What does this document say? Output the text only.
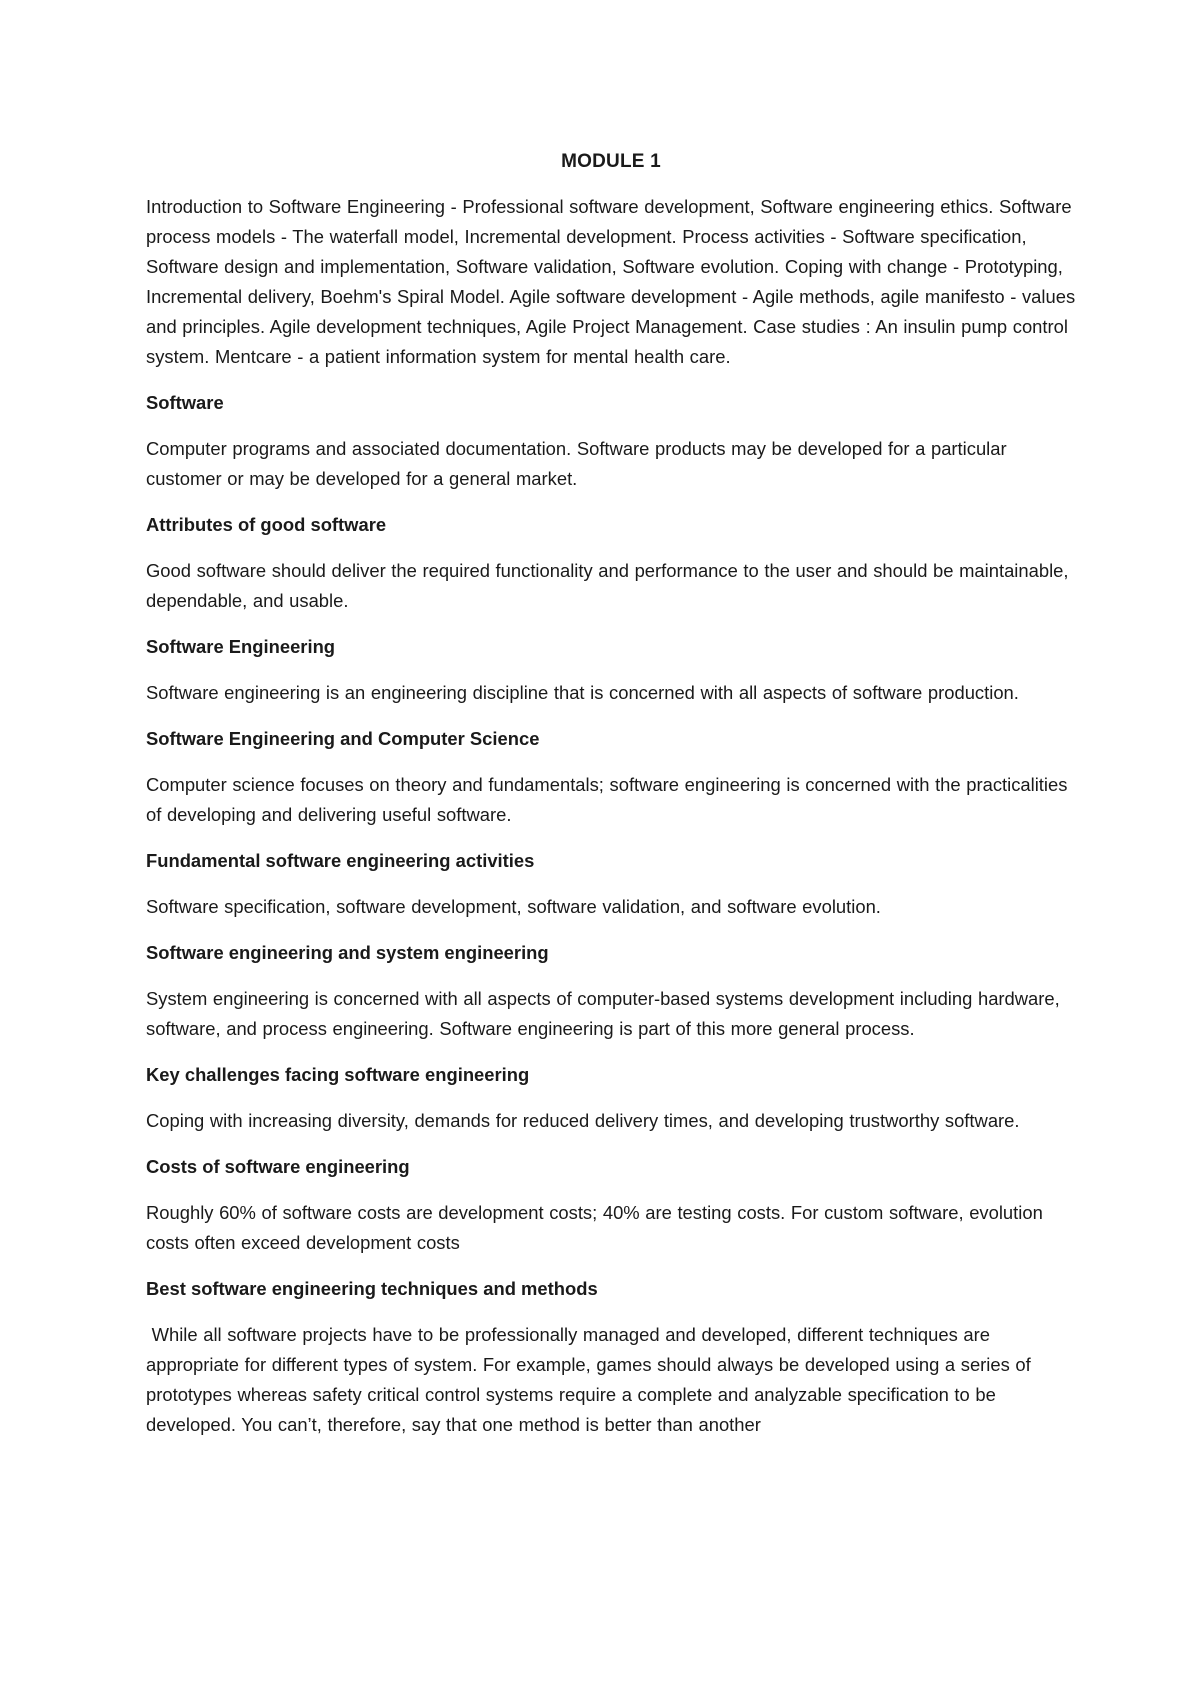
MODULE 1

Introduction to Software Engineering - Professional software development, Software engineering ethics. Software process models - The waterfall model, Incremental development. Process activities - Software specification, Software design and implementation, Software validation, Software evolution. Coping with change - Prototyping, Incremental delivery, Boehm's Spiral Model. Agile software development - Agile methods, agile manifesto - values and principles. Agile development techniques, Agile Project Management. Case studies : An insulin pump control system. Mentcare - a patient information system for mental health care.

Software

Computer programs and associated documentation. Software products may be developed for a particular customer or may be developed for a general market.

Attributes of good software

Good software should deliver the required functionality and performance to the user and should be maintainable, dependable, and usable.

Software Engineering

Software engineering is an engineering discipline that is concerned with all aspects of software production.

Software Engineering and Computer Science

Computer science focuses on theory and fundamentals; software engineering is concerned with the practicalities of developing and delivering useful software.

Fundamental software engineering activities

Software specification, software development, software validation, and software evolution.

Software engineering and system engineering

System engineering is concerned with all aspects of computer-based systems development including hardware, software, and process engineering. Software engineering is part of this more general process.

Key challenges facing software engineering

Coping with increasing diversity, demands for reduced delivery times, and developing trustworthy software.

Costs of software engineering

Roughly 60% of software costs are development costs; 40% are testing costs. For custom software, evolution costs often exceed development costs

Best software engineering techniques and methods

While all software projects have to be professionally managed and developed, different techniques are appropriate for different types of system. For example, games should always be developed using a series of prototypes whereas safety critical control systems require a complete and analyzable specification to be developed. You can’t, therefore, say that one method is better than another
